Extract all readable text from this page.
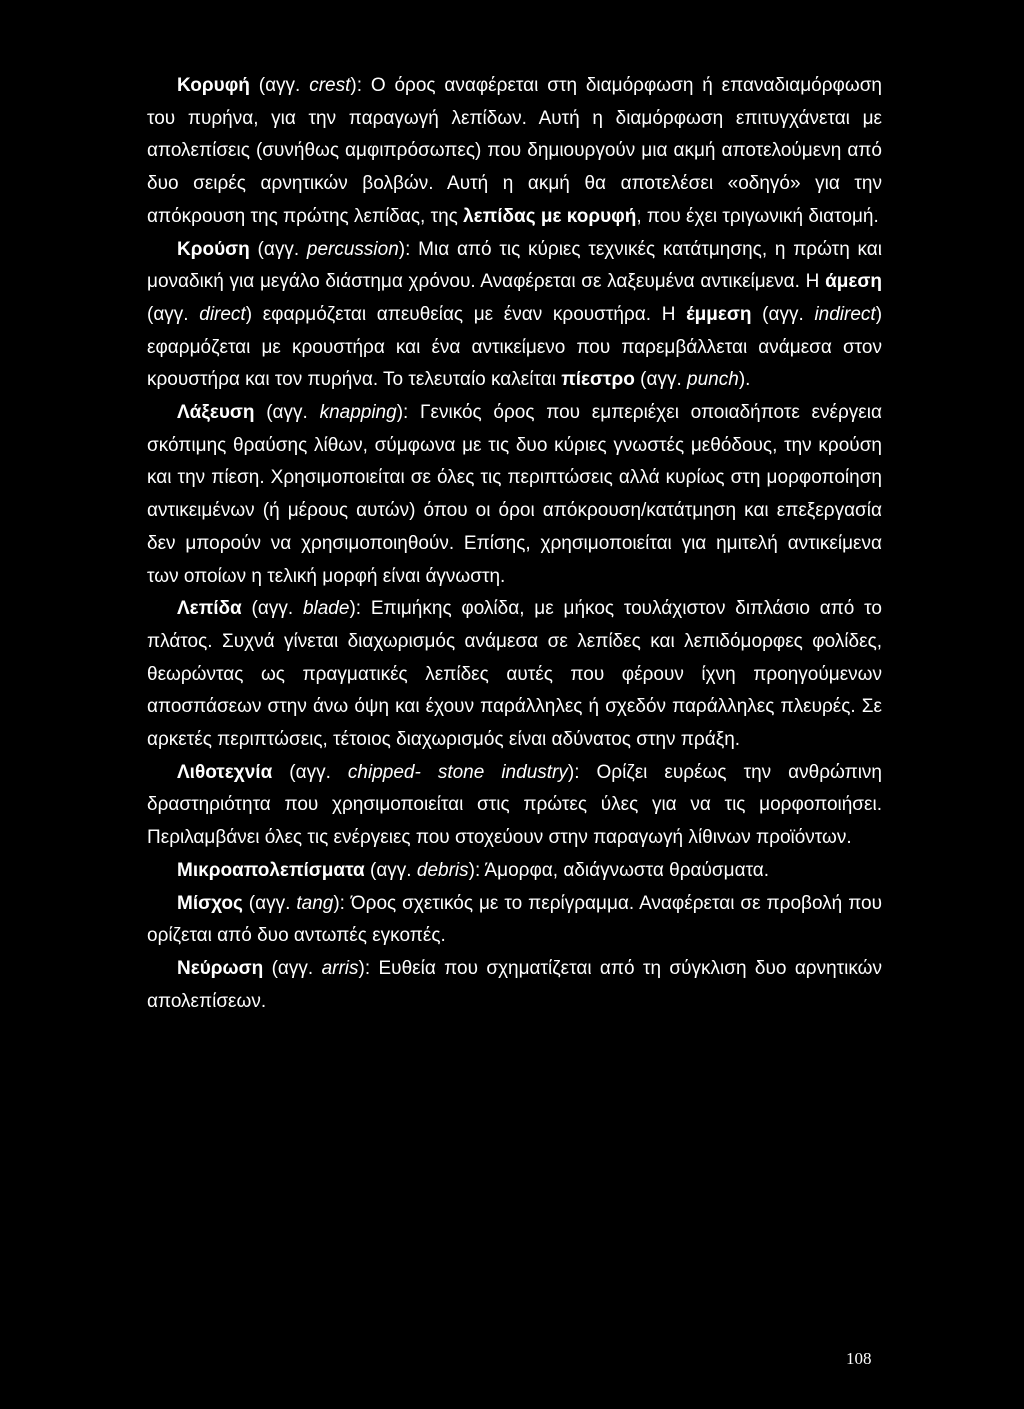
Κορυφή (αγγ. crest): Ο όρος αναφέρεται στη διαμόρφωση ή επαναδιαμόρφωση του πυρήνα, για την παραγωγή λεπίδων. Αυτή η διαμόρφωση επιτυγχάνεται με απολεπίσεις (συνήθως αμφιπρόσωπες) που δημιουργούν μια ακμή αποτελούμενη από δυο σειρές αρνητικών βολβών. Αυτή η ακμή θα αποτελέσει «οδηγό» για την απόκρουση της πρώτης λεπίδας, της λεπίδας με κορυφή, που έχει τριγωνική διατομή.

Κρούση (αγγ. percussion): Μια από τις κύριες τεχνικές κατάτμησης, η πρώτη και μοναδική για μεγάλο διάστημα χρόνου. Αναφέρεται σε λαξευμένα αντικείμενα. Η άμεση (αγγ. direct) εφαρμόζεται απευθείας με έναν κρουστήρα. Η έμμεση (αγγ. indirect) εφαρμόζεται με κρουστήρα και ένα αντικείμενο που παρεμβάλλεται ανάμεσα στον κρουστήρα και τον πυρήνα. Το τελευταίο καλείται πίεστρο (αγγ. punch).

Λάξευση (αγγ. knapping): Γενικός όρος που εμπεριέχει οποιαδήποτε ενέργεια σκόπιμης θραύσης λίθων, σύμφωνα με τις δυο κύριες γνωστές μεθόδους, την κρούση και την πίεση. Χρησιμοποιείται σε όλες τις περιπτώσεις αλλά κυρίως στη μορφοποίηση αντικειμένων (ή μέρους αυτών) όπου οι όροι απόκρουση/κατάτμηση και επεξεργασία δεν μπορούν να χρησιμοποιηθούν. Επίσης, χρησιμοποιείται για ημιτελή αντικείμενα των οποίων η τελική μορφή είναι άγνωστη.

Λεπίδα (αγγ. blade): Επιμήκης φολίδα, με μήκος τουλάχιστον διπλάσιο από το πλάτος. Συχνά γίνεται διαχωρισμός ανάμεσα σε λεπίδες και λεπιδόμορφες φολίδες, θεωρώντας ως πραγματικές λεπίδες αυτές που φέρουν ίχνη προηγούμενων αποσπάσεων στην άνω όψη και έχουν παράλληλες ή σχεδόν παράλληλες πλευρές. Σε αρκετές περιπτώσεις, τέτοιος διαχωρισμός είναι αδύνατος στην πράξη.

Λιθοτεχνία (αγγ. chipped- stone industry): Ορίζει ευρέως την ανθρώπινη δραστηριότητα που χρησιμοποιείται στις πρώτες ύλες για να τις μορφοποιήσει. Περιλαμβάνει όλες τις ενέργειες που στοχεύουν στην παραγωγή λίθινων προϊόντων.

Μικροαπολεπίσματα (αγγ. debris): Άμορφα, αδιάγνωστα θραύσματα.

Μίσχος (αγγ. tang): Όρος σχετικός με το περίγραμμα. Αναφέρεται σε προβολή που ορίζεται από δυο αντωπές εγκοπές.

Νεύρωση (αγγ. arris): Ευθεία που σχηματίζεται από τη σύγκλιση δυο αρνητικών απολεπίσεων.

108
